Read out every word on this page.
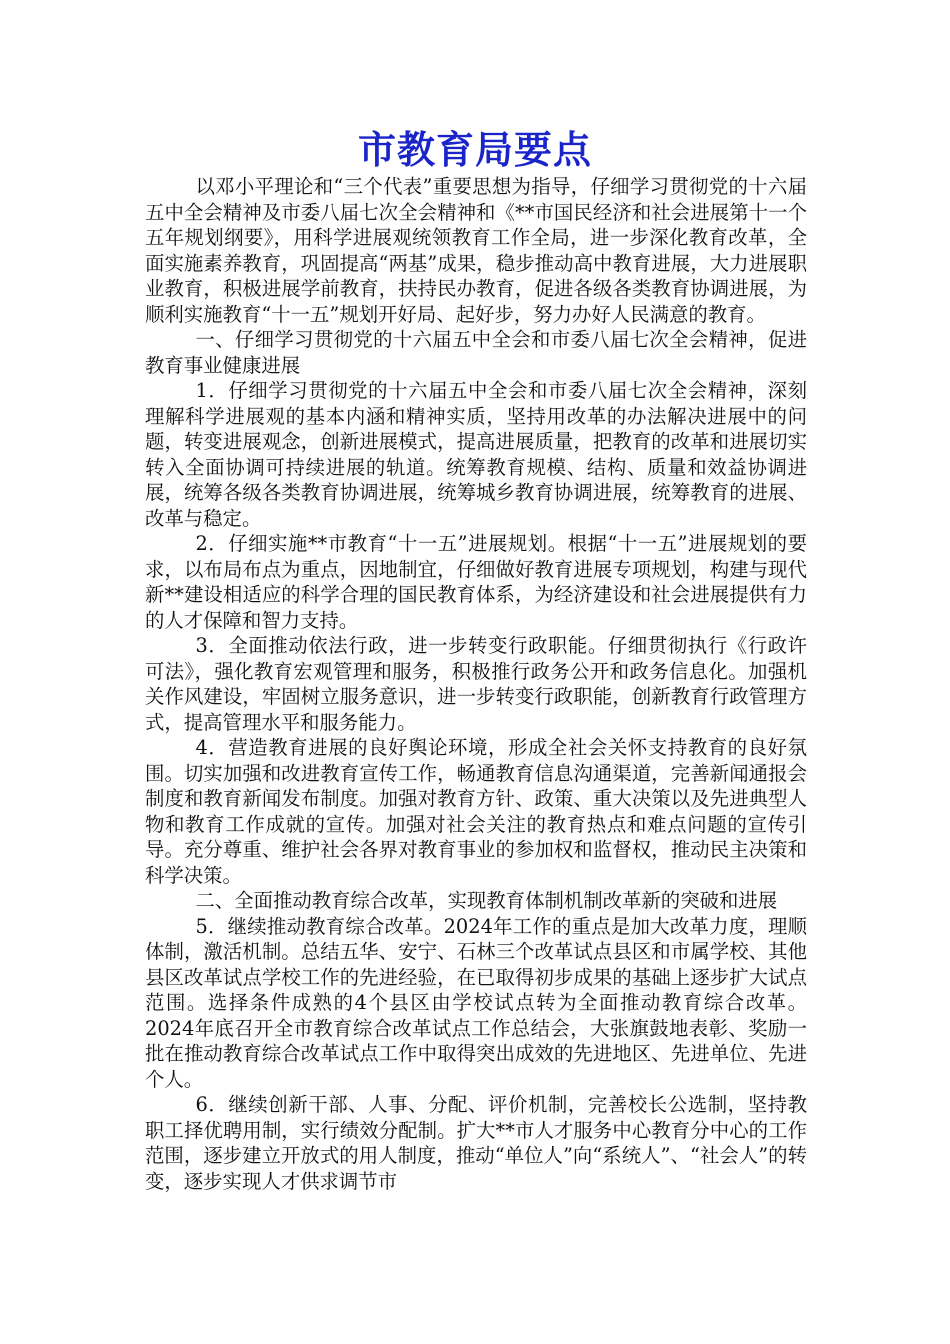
市教育局要点

以邓小平理论和“三个代表”重要思想为指导，仔细学习贯彻党的十六届五中全会精神及市委八届七次全会精神和《**市国民经济和社会进展第十一个五年规划纲要》，用科学进展观统领教育工作全局，进一步深化教育改革，全面实施素养教育，巩固提高“两基”成果，稳步推动高中教育进展，大力进展职业教育，积极进展学前教育，扶持民办教育，促进各级各类教育协调进展，为顺利实施教育“十一五”规划开好局、起好步，努力办好人民满意的教育。

一、仔细学习贯彻党的十六届五中全会和市委八届七次全会精神，促进教育事业健康进展

1．仔细学习贯彻党的十六届五中全会和市委八届七次全会精神，深刻理解科学进展观的基本内涵和精神实质，坚持用改革的办法解决进展中的问题，转变进展观念，创新进展模式，提高进展质量，把教育的改革和进展切实转入全面协调可持续进展的轨道。统筹教育规模、结构、质量和效益协调进展，统筹各级各类教育协调进展，统筹城乡教育协调进展，统筹教育的进展、改革与稳定。

2．仔细实施**市教育“十一五”进展规划。根据“十一五”进展规划的要求，以布局布点为重点，因地制宜，仔细做好教育进展专项规划，构建与现代新**建设相适应的科学合理的国民教育体系，为经济建设和社会进展提供有力的人才保障和智力支持。

3．全面推动依法行政，进一步转变行政职能。仔细贯彻执行《行政许可法》，强化教育宏观管理和服务，积极推行政务公开和政务信息化。加强机关作风建设，牢固树立服务意识，进一步转变行政职能，创新教育行政管理方式，提高管理水平和服务能力。

4．营造教育进展的良好舆论环境，形成全社会关怀支持教育的良好氛围。切实加强和改进教育宣传工作，畅通教育信息沟通渠道，完善新闻通报会制度和教育新闻发布制度。加强对教育方针、政策、重大决策以及先进典型人物和教育工作成就的宣传。加强对社会关注的教育热点和难点问题的宣传引导。充分尊重、维护社会各界对教育事业的参加权和监督权，推动民主决策和科学决策。

二、全面推动教育综合改革，实现教育体制机制改革新的突破和进展

5．继续推动教育综合改革。2024年工作的重点是加大改革力度，理顺体制，激活机制。总结五华、安宁、石林三个改革试点县区和市属学校、其他县区改革试点学校工作的先进经验，在已取得初步成果的基础上逐步扩大试点范围。选择条件成熟的4个县区由学校试点转为全面推动教育综合改革。2024年底召开全市教育综合改革试点工作总结会，大张旗鼓地表彰、奖励一批在推动教育综合改革试点工作中取得突出成效的先进地区、先进单位、先进个人。

6．继续创新干部、人事、分配、评价机制，完善校长公选制，坚持教职工择优聘用制，实行绩效分配制。扩大**市人才服务中心教育分中心的工作范围，逐步建立开放式的用人制度，推动“单位人”向“系统人”、“社会人”的转变，逐步实现人才供求调节市
